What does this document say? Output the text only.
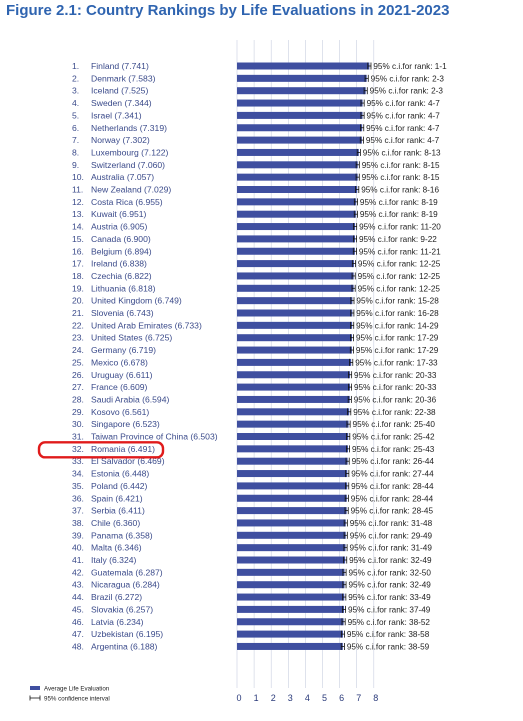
Figure 2.1: Country Rankings by Life Evaluations in 2021-2023
1. Finland (7.741)
2. Denmark (7.583)
3. Iceland (7.525)
4. Sweden (7.344)
5. Israel (7.341)
6. Netherlands (7.319)
7. Norway (7.302)
8. Luxembourg (7.122)
9. Switzerland (7.060)
10. Australia (7.057)
11. New Zealand (7.029)
12. Costa Rica (6.955)
13. Kuwait (6.951)
14. Austria (6.905)
15. Canada (6.900)
16. Belgium (6.894)
17. Ireland (6.838)
18. Czechia (6.822)
19. Lithuania (6.818)
20. United Kingdom (6.749)
21. Slovenia (6.743)
22. United Arab Emirates (6.733)
23. United States (6.725)
24. Germany (6.719)
25. Mexico (6.678)
26. Uruguay (6.611)
27. France (6.609)
28. Saudi Arabia (6.594)
29. Kosovo (6.561)
30. Singapore (6.523)
31. Taiwan Province of China (6.503)
32. Romania (6.491)
33. El Salvador (6.469)
34. Estonia (6.448)
35. Poland (6.442)
36. Spain (6.421)
37. Serbia (6.411)
38. Chile (6.360)
39. Panama (6.358)
40. Malta (6.346)
41. Italy (6.324)
42. Guatemala (6.287)
43. Nicaragua (6.284)
44. Brazil (6.272)
45. Slovakia (6.257)
46. Latvia (6.234)
47. Uzbekistan (6.195)
48. Argentina (6.188)
95% c.i.for rank: 1-1
95% c.i.for rank: 2-3
95% c.i.for rank: 2-3
95% c.i.for rank: 4-7
95% c.i.for rank: 4-7
95% c.i.for rank: 4-7
95% c.i.for rank: 4-7
95% c.i.for rank: 8-13
95% c.i.for rank: 8-15
95% c.i.for rank: 8-15
95% c.i.for rank: 8-16
95% c.i.for rank: 8-19
95% c.i.for rank: 8-19
95% c.i.for rank: 11-20
95% c.i.for rank: 9-22
95% c.i.for rank: 11-21
95% c.i.for rank: 12-25
95% c.i.for rank: 12-25
95% c.i.for rank: 12-25
95% c.i.for rank: 15-28
95% c.i.for rank: 16-28
95% c.i.for rank: 14-29
95% c.i.for rank: 17-29
95% c.i.for rank: 17-29
95% c.i.for rank: 17-33
95% c.i.for rank: 20-33
95% c.i.for rank: 20-33
95% c.i.for rank: 20-36
95% c.i.for rank: 22-38
95% c.i.for rank: 25-40
95% c.i.for rank: 25-42
95% c.i.for rank: 25-43
95% c.i.for rank: 26-44
95% c.i.for rank: 27-44
95% c.i.for rank: 28-44
95% c.i.for rank: 28-44
95% c.i.for rank: 28-45
95% c.i.for rank: 31-48
95% c.i.for rank: 29-49
95% c.i.for rank: 31-49
95% c.i.for rank: 32-49
95% c.i.for rank: 32-50
95% c.i.for rank: 32-49
95% c.i.for rank: 33-49
95% c.i.for rank: 37-49
95% c.i.for rank: 38-52
95% c.i.for rank: 38-58
95% c.i.for rank: 38-59
0 1 2 3 4 5 6 7 8
Average Life Evaluation
95% confidence interval
